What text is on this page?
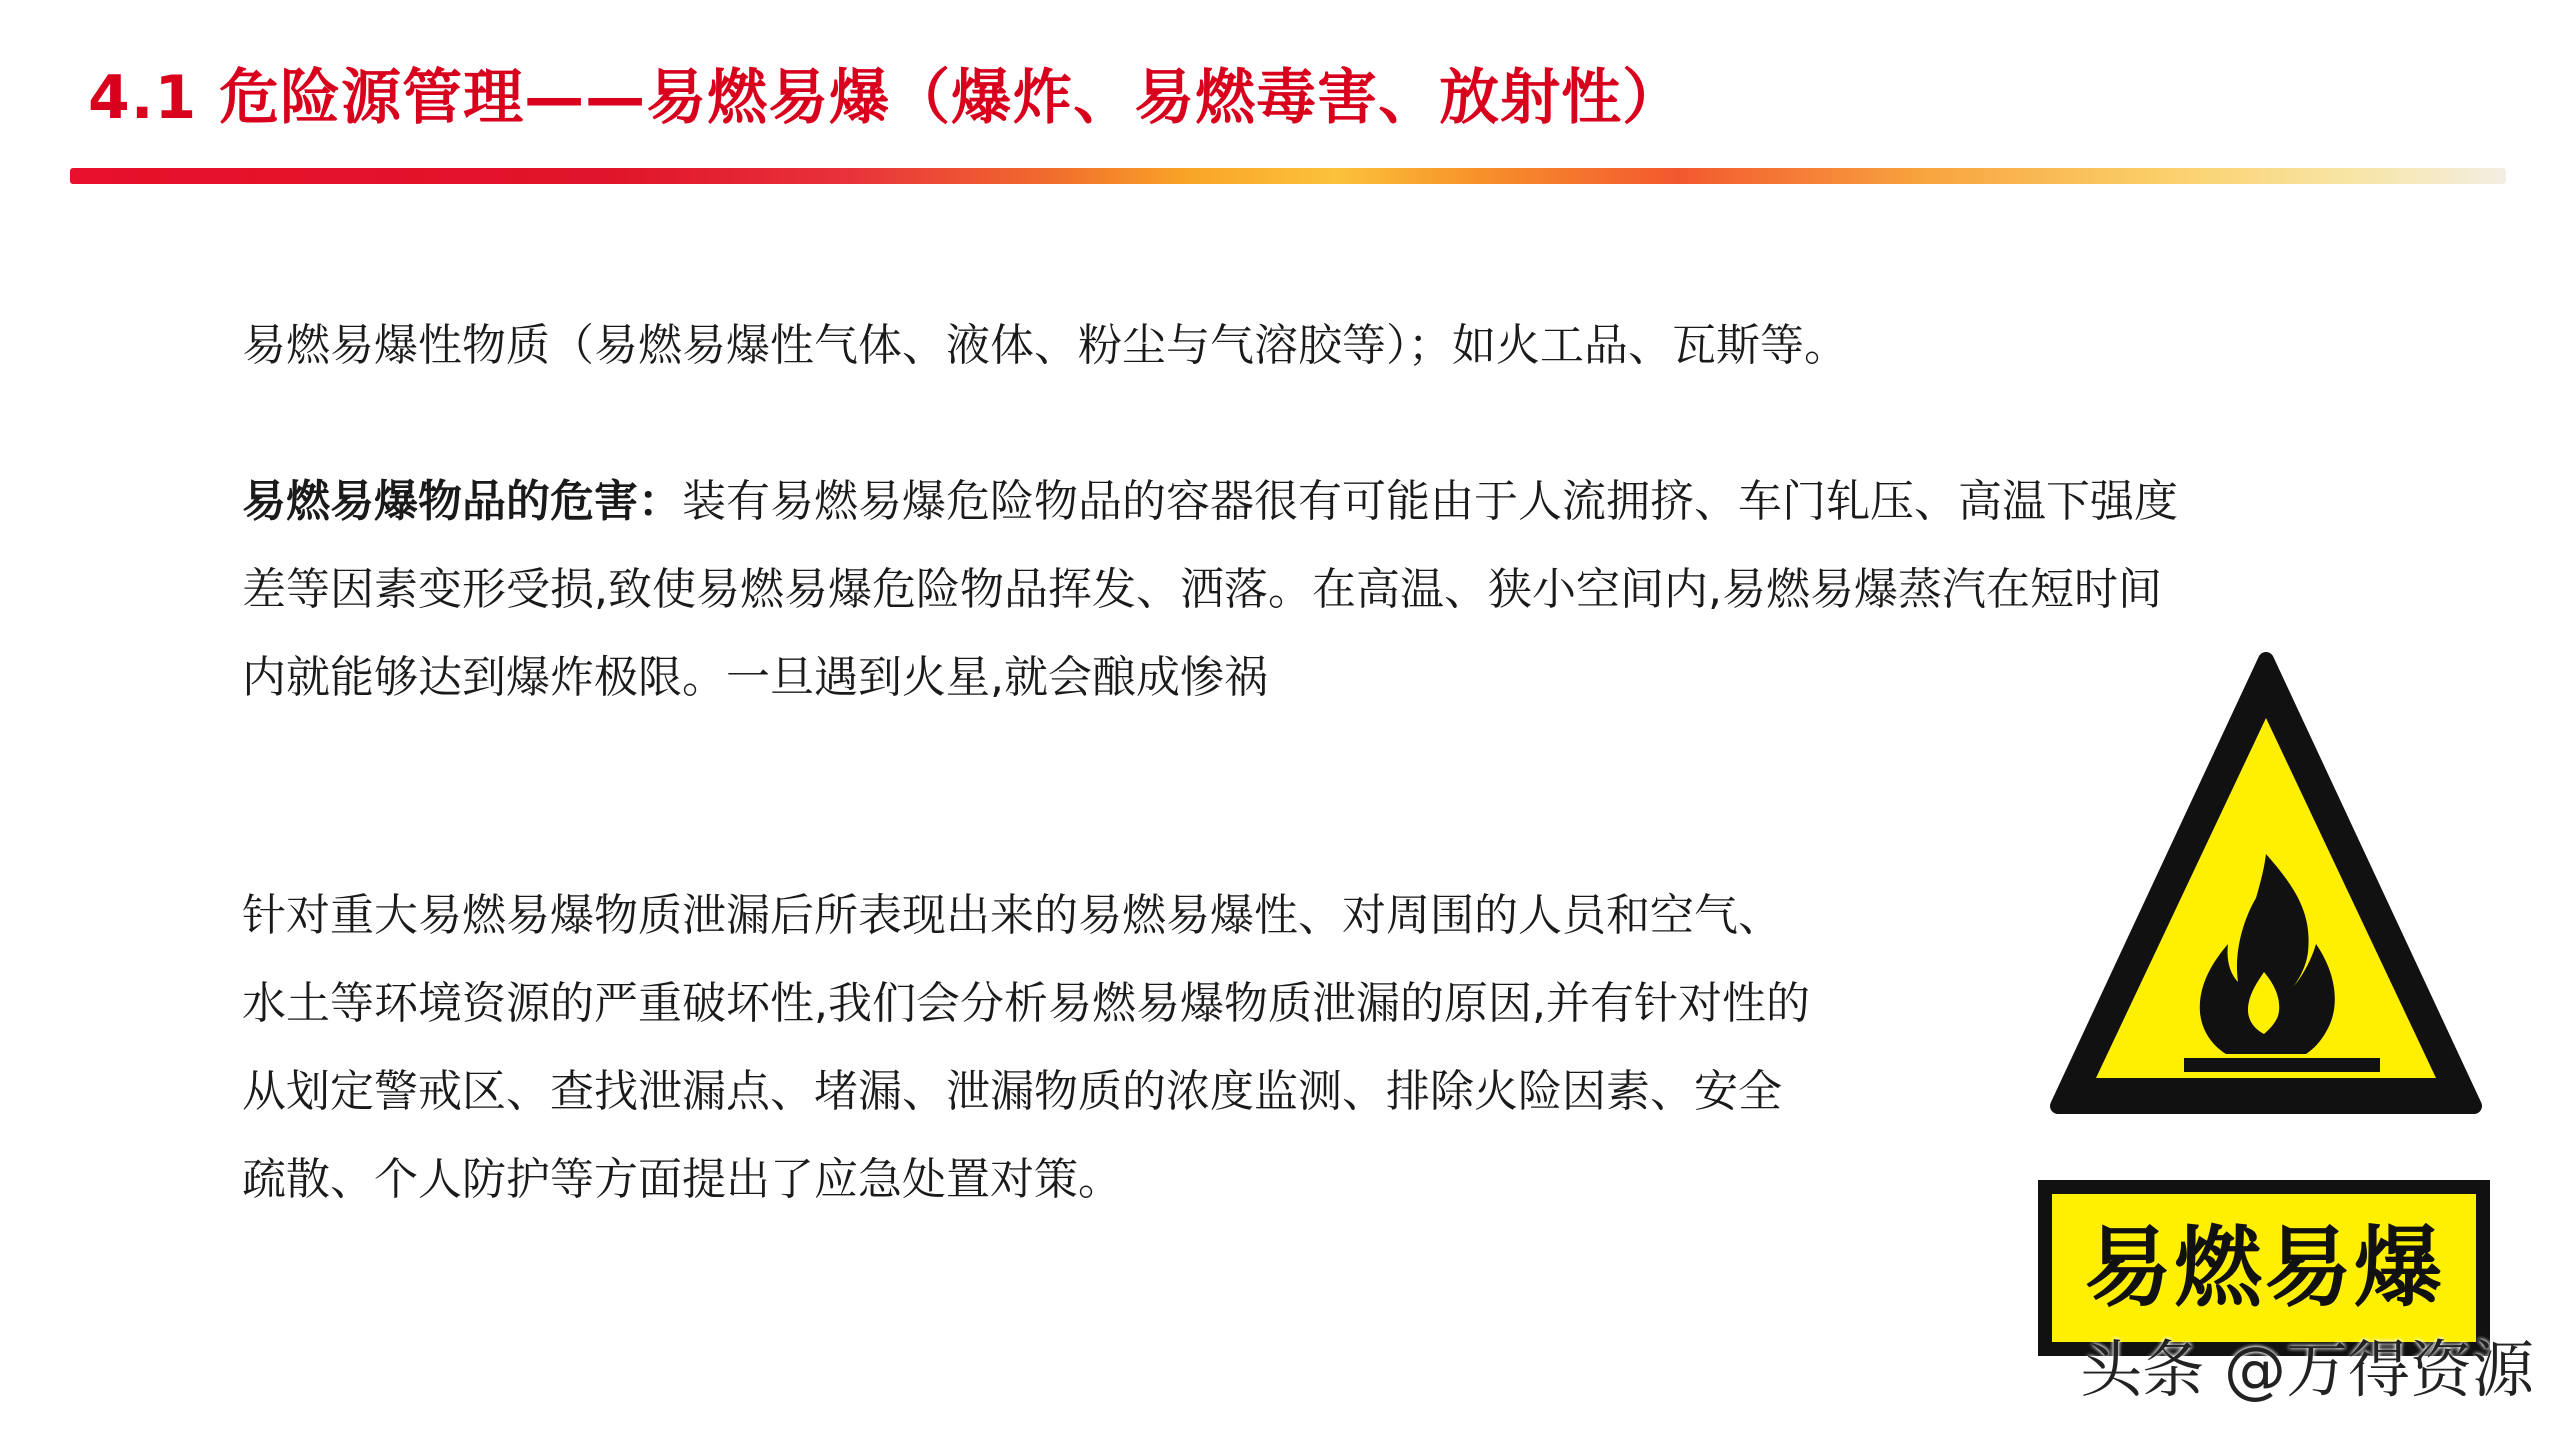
4.1 危险源管理——易燃易爆（爆炸、易燃毒害、放射性）

易燃易爆性物质（易燃易爆性气体、液体、粉尘与气溶胶等）；如火工品、瓦斯等。

易燃易爆物品的危害：装有易燃易爆危险物品的容器很有可能由于人流拥挤、车门轧压、高温下强度
差等因素变形受损,致使易燃易爆危险物品挥发、洒落。在高温、狭小空间内,易燃易爆蒸汽在短时间
内就能够达到爆炸极限。一旦遇到火星,就会酿成惨祸

针对重大易燃易爆物质泄漏后所表现出来的易燃易爆性、对周围的人员和空气、
水土等环境资源的严重破坏性,我们会分析易燃易爆物质泄漏的原因,并有针对性的
从划定警戒区、查找泄漏点、堵漏、泄漏物质的浓度监测、排除火险因素、安全
疏散、个人防护等方面提出了应急处置对策。

易燃易爆
头条 @万得资源
